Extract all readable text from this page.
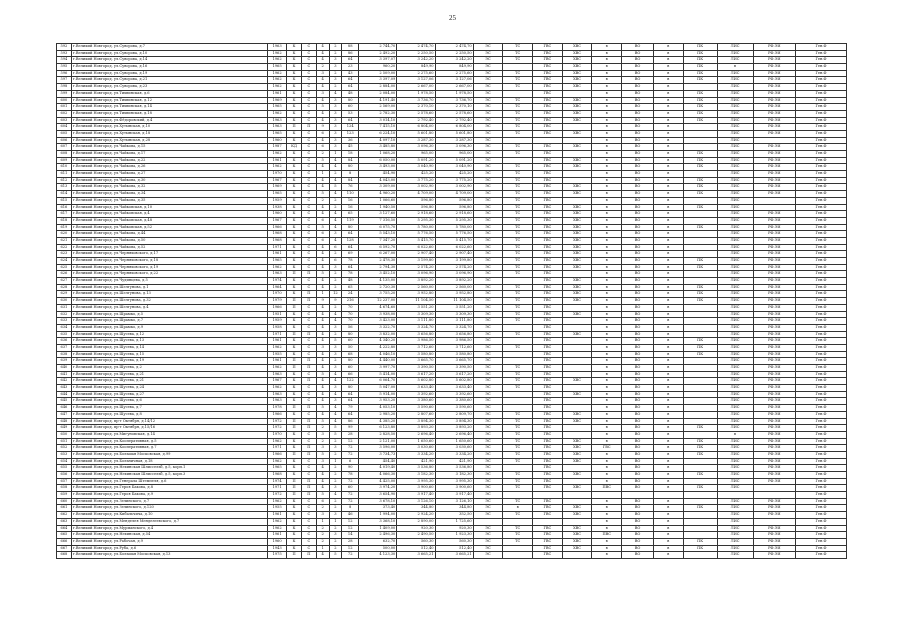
25
592	г.Великий Новгород, ул.Суворова, д.7	1963	К	С	4	2	88	2 744,70	2 474,70	2 474,70	ЭС	ТС	ГВС	ХВС	в	ВО	в	ПК	ЛИС	РФ.ЭЙ	Ген.Ф
593	г.Великий Новгород, ул.Суворова, д.10	1962	К	С	4	2	86	2 492,20	2 250,50	2 250,50	ЭС	ТС	ГВС	ХВС	в	ВО	в	ПК	ЛИС	РФ.ЭЙ	Ген.Ф
594	г.Великий Новгород, ул.Суворова, д.14	1962	К	С	4	3	64	3 397,07	3 242,20	3 242,20	ЭС	ТС	ГВС	ХВС	в	ВО	в	ПК	ЛИС	РФ.ЭЙ	Ген.Ф
595	г.Великий Новгород, ул.Суворова, д.16	1965	К	С	2	3	23	960,20	849,90	849,90	ЭС		ГВС	ХВС	в	ВО	в	ПК	в	РФ.ЭЙ	Ген.Ф
596	г.Великий Новгород, ул.Суворова, д.19	1962	К	С	3	2	43	2 509,00	2 275,60	2 275,60	ЭС	ТС	ГВС	ХВС	в	ВО	в	ПК	ЛИС	РФ.ЭЙ	Ген.Ф
597	г.Великий Новгород, ул.Суворова, д.21	1962	К	С	4	3	64	3 397,09	3 127,06	3 127,06	ЭС	ТС	ГВС	ХВС	в	ВО	в	ПК	ЛИС	РФ.ЭЙ	Ген.Ф
598	г.Великий Новгород, ул.Суворова, д.23	1962	К	С	4	2	64	2 884,00	2 667,00	2 667,00	ЭС	ТС	ГВС	ХВС	в	ВО	в		ЛИС	РФ.ЭЙ	Ген.Ф
599	г.Великий Новгород, ул.Тихвинская, д.6	1961	К	С	3	4	48	2 084,00	1 978,50	1 978,50	ЭС		ГВС		в	ВО	в	ПК	ЛИС	РФ.ЭЙ	Ген.Ф
600	г.Великий Новгород, ул.Тихвинская, д.12	1969	К	С	4	3	80	4 191,40	3 736,70	3 736,70	ЭС	ТС	ГВС	ХВС	в	ВО	в	ПК	ЛИС	РФ.ЭЙ	Ген.Ф
601	г.Великий Новгород, ул.Тихвинская, д.14	1965	К	С	5	3	60	2 569,00	2 370,10	2 370,10	ЭС	ТС	ГВС	ХВС	в	ВО	в	ПК	ЛИС	РФ.ЭЙ	Ген.Ф
602	г.Великий Новгород, ул.Тихвинская, д.18	1962	К	С	4	3	53	2 782,30	2 578,60	2 578,60	ЭС	ТС	ГВС	ХВС	в	ВО	в	ПК	ЛИС	РФ.ЭЙ	Ген.Ф
603	г.Великий Новгород, ул.Фёдоровский, д.4	1963	К	С	4	3	64	3 014,10	2 792,40	2 792,40	ЭС	ТС	ГВС	ХВС	в	ВО	в	ПК	ЛИС	РФ.ЭЙ	Ген.Ф
604	г.Великий Новгород, ул.Хутынская, д.10	1963	П	П	9	3	124	7 415,10	6 804,00	6 804,00	ЭС	ТС	ГВС		в	ВО	в		ЛИС	РФ.ЭЙ	Ген.Ф
605	г.Великий Новгород, ул.Хутынская, д.18	1965	К	С	6	3	123	6 224,10	5 601,80	5 601,80	ЭС	ТС	ГВС	ХВС	в	ВО	в		ЛИС	РФ.ЭЙ	Ген.Ф
606	г.Великий Новгород, ул.Хутынская, д.28	1960	К	С	4	3	36	4 097,10	3 287,30	3 287,30	ЭС				в	ВО	в		ЛИС		Ген.Ф
607	г.Великий Новгород, ул.Чайкова, д.15	1987	КД	С	6	3	45	3 485,80	3 096,30	3 096,30	ЭС	ТС	ГВС	ХВС	в	ВО	в		ЛИС	РФ.ЭЙ	Ген.Ф
608	г.Великий Новгород, ул.Чайкова, д.17	1962	К	С	2	1	18	1 068,20	965,00	965,00	ЭС	ТС	ГВС		в	ВО	в	ПК	ЛИС	РФ.ЭЙ	Ген.Ф
609	г.Великий Новгород, ул.Чайкова, д.22	1961	К	С	5	4	84	6 050,00	5 091,20	5 091,20	ЭС		ГВС	ХВС	в	ВО	в	ПК	ЛИС	РФ.ЭЙ	Ген.Ф
610	г.Великий Новгород, ул.Чайкова, д.26	1962	К	С	4	4	80	3 493,00	3 040,90	3 040,90	ЭС	ТС	ГВС	ХВС	в	ВО	в	ПК	ЛИС	РФ.ЭЙ	Ген.Ф
611	г.Великий Новгород, ул.Чайкова, д.27	1970	К	С	1	2	8	454,90	425,20	425,20	ЭС	ТС	ГВС		в	ВО	в		ЛИС	РФ.ЭЙ	Ген.Ф
612	г.Великий Новгород, ул.Чайкова, д.30	1967	К	С	4	4	84	4 043,00	3 775,20	3 775,20	ЭС	ТС	ГВС		в	ВО	в	ПК	ЛИС	РФ.ЭЙ	Ген.Ф
613	г.Великий Новгород, ул.Чайкова, д.32	1969	К	С	4	5	76	3 309,00	3 002,90	3 002,90	ЭС	ТС	ГВС	ХВС	в	ВО	в	ПК	ЛИС	РФ.ЭЙ	Ген.Ф
614	г.Великий Новгород, ул.Чайкова, д.34	1965	К	С	5	4	110	4 960,20	4 709,00	4 709,00	ЭС	ТС	ГВС	ХВС	в	ВО	в	ПК	ЛИС	РФ.ЭЙ	Ген.Ф
615	г.Великий Новгород, ул.Чайкова, д.35	1959	К	С	2	2	16	1 066,60	596,80	596,80	ЭС	ТС	ГВС		в	ВО	в		ЛИС		Ген.Ф
616	г.Великий Новгород, ул.Чайковская, д.10	1938	К	С	4	2	16	1 940,50	596,80	596,80	ЭС	ТС	ГВС	ХВС	в	ВО	в	ПК	ЛИС		Ген.Ф
617	г.Великий Новгород, ул.Чайковская, д.4	1960	К	С	4	4	65	3 127,60	2 918,60	2 918,60	ЭС	ТС	ГВС	ХВС	в	ВО	в		ЛИС	РФ.ЭЙ	Ген.Ф
618	г.Великий Новгород, ул.Чайковская, д.48	1967	К	С	6	4	119	7 316,50	5 295,30	5 295,30	ЭС	ТС	ГВС	ХВС	в	ВО	в		ЛИС	РФ.ЭЙ	Ген.Ф
619	г.Великий Новгород, ул.Чайковская, д.52	1966	К	С	5	4	80	6 075,70	5 780,00	5 780,00	ЭС	ТС	ГВС	ХВС	в	ВО	в	ПК	ЛИС	РФ.ЭЙ	Ген.Ф
620	г.Великий Новгород, ул.Чайкова, д.44	1968	К	С	6	3	64	5 543,10	5 776,50	5 776,50	ЭС	ТС	ГВС	ХВС	в	ВО	в		ЛИС	РФ.ЭЙ	Ген.Ф
621	г.Великий Новгород, ул.Чайкова, д.50	1968	К	С	6	4	128	7 347,20	5 415,70	5 415,70	ЭС	ТС	ГВС	ХВС	в	ВО	в		ЛИС	РФ.ЭЙ	Ген.Ф
622	г.Великий Новгород, ул.Чайкова, д.52	1971	К	С	4	6	64	6 592,70	6 022,60	6 022,60	ЭС	ТС	ГВС	ХВС	в	ВО	в		ЛИС	РФ.ЭЙ	Ген.Ф
623	г.Великий Новгород, ул.Черняховского, д.17	1961	К	С	4	2	69	6 267,00	2 907,40	2 907,40	ЭС	ТС	ГВС	ХВС	в	ВО	в		ЛИС	РФ.ЭЙ	Ген.Ф
624	г.Великий Новгород, ул.Черняховского, д.18	1965	К	С	4	6	78	2 478,30	3 199,80	3 199,80	ЭС	ТС	ГВС	ХВС	в	ВО	в	ПК	ЛИС	РФ.ЭЙ	Ген.Ф
625	г.Великий Новгород, ул.Черняховского, д.19	1962	К	С	4	3	64	2 794,30	2 574,20	2 574,20	ЭС	ТС	ГВС	ХВС	в	ВО	в	ПК	ЛИС	РФ.ЭЙ	Ген.Ф
626	г.Великий Новгород, ул.Черняховского, д.22	1963	П	П	5	2	78	3 452,10	3 096,90	3 096,90	ЭС	ТС	ГВС		в	ВО	в		ЛИС	РФ.ЭЙ	Ген.Ф
627	г.Великий Новгород, ул.Чудинцева, д.5	1974	К	С	4	2	48	4 135,00	3 892,20	3 892,20	ЭС		ГВС	ХВС	в	ВО	в		ЛИС	РФ.ЭЙ	Ген.Ф
628	г.Великий Новгород, ул.Шелгунова, д.1	1964	К	С	4	2	65	2 720,30	2 560,00	2 560,00	ЭС	ТС	ГВС	ХВС	в	ВО	в	ПК	ЛИС	РФ.ЭЙ	Ген.Ф
629	г.Великий Новгород, ул.Шелгунова, д.13	1970	К	П	1	12	24	3 755,20	3 952,80	3 952,80	ЭС	ТС	ГВС	ХВС	в	ВО	в	ПК	ЛИС	РФ.ЭЙ	Ген.Ф
630	г.Великий Новгород, ул.Шелгунова, д.32	1979	П	П	9	9	216	12 237,00	11 104,50	11 104,50	ЭС	ТС	ГВС	ХВС	в	ВО	в	ПК	ЛИС	РФ.ЭЙ	Ген.Ф
631	г.Великий Новгород, ул.Шелгунова, д.4	1966	П	С	4	2	70	4 674,60	3 551,20	3 551,20	ЭС	ТС	ГВС		в	ВО	в		ЛИС	РФ.ЭЙ	Ген.Ф
632	г.Великий Новгород, ул.Шрамко, д.5	1951	К	С	4	4	70	3 938,00	3 309,30	3 309,30	ЭС	ТС	ГВС	ХВС	в	ВО	в		ЛИС	РФ.ЭЙ	Ген.Ф
633	г.Великий Новгород, ул.Шрамко, д.7	1959	К	С	4	4	70	3 423,00	3 111,80	3 111,80	ЭС	ТС	ГВС		в	ВО	в		ЛИС	РФ.ЭЙ	Ген.Ф
634	г.Великий Новгород, ул.Шрамко, д.9	1958	К	С	4	3	56	3 322,70	3 324,70	3 324,70	ЭС		ГВС		в	ВО	в		ЛИС	РФ.ЭЙ	Ген.Ф
635	г.Великий Новгород, ул.Щусева, д.12	1971	П	П	4	2	80	3 832,00	3 656,80	3 656,80	ЭС	ТС	ГВС	ХВС	в	ВО	в		ЛИС	РФ.ЭЙ	Ген.Ф
636	г.Великий Новгород, ул.Щусева, д.13	1961	К	С	4	5	60	4 340,20	3 986,50	3 986,50	ЭС		ГВС		в	ВО	в	ПК	ЛИС	РФ.ЭЙ	Ген.Ф
637	г.Великий Новгород, ул.Щусева, д.14	1962	К	С	3	3	50	4 222,80	3 712,60	3 712,60	ЭС	ТС	ГВС		в	ВО	в	ПК	ЛИС	РФ.ЭЙ	Ген.Ф
638	г.Великий Новгород, ул.Щусева, д.15	1955	К	С	4	3	68	4 046,10	3 580,80	3 580,80	ЭС		ГВС		в	ВО	в	ПК	ЛИС	РФ.ЭЙ	Ген.Ф
639	г.Великий Новгород, ул.Щусева, д.19	1961	П	П	4	2	80	4 440,00	3 665,70	3 665,70	ЭС		ГВС		в	ВО	в		ЛИС	РФ.ЭЙ	Ген.Ф
640	г.Великий Новгород, ул.Щусева, д.2	1962	П	П	4	3	60	3 997,70	3 390,50	3 390,50	ЭС	ТС	ГВС		в	ВО	в		ЛИС	РФ.ЭЙ	Ген.Ф
641	г.Великий Новгород, ул.Щусева, д.21	1963	К	С	5	4	66	5 414,00	3 617,20	3 617,20	ЭС	ТС	ГВС		в	ВО	в		ЛИС	РФ.ЭЙ	Ген.Ф
642	г.Великий Новгород, ул.Щусева, д.21	1967	К	П	4	4	122	6 064,70	5 602,80	5 602,80	ЭС	ТС	ГВС	ХВС	в	ВО	в		ЛИС	РФ.ЭЙ	Ген.Ф
643	г.Великий Новгород, ул.Щусева, д.24	1962	К	С	4	3	80	5 047,00	3 633,40	3 633,40	ЭС	ТС	ГВС		в	ВО	в		ЛИС	РФ.ЭЙ	Ген.Ф
644	г.Великий Новгород, ул.Щусева, д.27	1963	К	С	4	4	64	5 914,00	3 392,60	3 392,60	ЭС		ГВС	ХВС	в	ВО	в		ЛИС	РФ.ЭЙ	Ген.Ф
645	г.Великий Новгород, ул.Щусева, д.6	1963	К	С	4	3	64	3 953,20	3 380,60	3 380,60	ЭС		ГВС		в	ВО	в		ЛИС	РФ.ЭЙ	Ген.Ф
646	г.Великий Новгород, ул.Щусева, д.7	1978	П	П	5	4	79	4 053,10	3 590,60	3 590,60	ЭС		ГВС		в	ВО	в		ЛИС	РФ.ЭЙ	Ген.Ф
647	г.Великий Новгород, ул.Щусева, д.8	1966	К	С	4	4	64	2 985,20	2 807,60	2 809,70	ЭС	ТС	ГВС	ХВС	в	ВО	в		ЛИС	РФ.ЭЙ	Ген.Ф
648	г.Великий Новгород, пр-т Октября, д.14/12	1972	П	П	5	4	86	4 385,20	3 894,30	3 894,30	ЭС	ТС	ГВС	ХВС	в	ВО	в		ЛИС	РФ.ЭЙ	Ген.Ф
649	г.Великий Новгород, пр-т Октября, д.15/16	1972	П	П	2	5	99	6 123,80	3 893,20	3 893,20	ЭС	ТС	ГВС		в	ВО	в	ПК	ЛИС	РФ.ЭЙ	Ген.Ф
650	г.Великий Новгород, ул.Мигуновская, д.14	1970	К	С	3	5	28	2 828,50	2 696,40	2 696,40	ЭС	ТС	ГВС		в	ВО	в		в	РФ.ЭЙ	Ген.Ф
651	г.Великий Новгород, ул.Кооперативная, д.5	1962	К	С	2	2	12	2 121,00	1 650,60	1 650,60	ЭС	ТС	ГВС	ХВС	в	ВО	в	ПК	ЛИС	РФ.ЭЙ	Ген.Ф
652	г.Великий Новгород, ул.Кооперативная, д.7	1971	К	П	3	3	72	3 596,00	3 030,60	3 030,60	ЭС	ТС	ГВС	ХВС	ГВС	ВО	в	ПК	ЛИС	РФ.ЭЙ	Ген.Ф
653	г.Великий Новгород, ул.Большая Московская, д.99	1966	П	П	5	2	72	3 734,73	3 334,20	3 334,20	ЭС	ТС	ГВС	ХВС	в	ВО	в	ПК	ЛИС	РФ.ЭЙ	Ген.Ф
654	г.Великий Новгород, ул.Больничная, д.18	1962	К	С	3	1	6	454,40	421,90	421,90	ЭС	ТС	ГВС	ХВС	в	ВО	в		ЛИС	РФ.ЭЙ	Ген.Ф
655	г.Великий Новгород, ул.Нехинская Шлиссельб, д.5, корп.1	1965	К	С	4	2	90	4 019,40	3 536,80	3 536,80	ЭС		ГВС		в	ВО	в		ЛИС	РФ.ЭЙ	Ген.Ф
656	г.Великий Новгород, ул.Нехинская Шлиссельб, д.5, корп.3	1968	К	С	4	2	78	4 066,30	3 182,30	3 182,30	ЭС	ТС	ГВС	ХВС	в	ВО	в	ПК	ЛИС	РФ.ЭЙ	Ген.Ф
657	г.Великий Новгород, ул.Генерала Штемпеля, д.6	1974	П	П	4	2	72	4 425,00	3 995,30	3 995,30	ЭС	ТС	ГВС		в	ВО	в		ЛИС	РФ.ЭЙ	Ген.Ф
658	г.Великий Новгород, ул.Героя Бакова, д.8	1971	П	П	4	3	60	3 974,20	3 900,60	3 900,60	ЭС	ТС	ГВС	ХВС	ПВС	ВО	в	ПК	ЛИС		Ген.Ф
659	г.Великий Новгород, ул.Героя Бакова, д.9	1972	П	П	5	4	72	3 654,90	3 917,40	3 917,40	ЭС										Ген.Ф
660	г.Великий Новгород, ул.Зелинского, д.7	1962	К	С	6	2	72	3 678,10	3 126,10	3 126,10	ЭС	ТС	ГВС		в	ВО	в		ЛИС	РФ.ЭЙ	Ген.Ф
661	г.Великий Новгород, ул.Зелинского, д.120	1955	К	С	2	2	8	373,40	344,80	344,80	ЭС	в	ГВС	ХВС	в	ВО	в	ПК	ЛИС	РФ.ЭЙ	Ген.Ф
662	г.Великий Новгород, ул.Кибальчича, д.10	1961	К	С	3	3	46	1 994,00	2 924,20	352,50	ЭС	ТС	ГВС	ХВС	в	ВО	в		ЛИС	РФ.ЭЙ	Ген.Ф
663	г.Великий Новгород, ул.Менделея Менделеевского, д.7	1962	К	С	1	1	12	3 368,10	2 890,00	1 725,60					в	ВО	в		ЛИС		Ген.Ф
664	г.Великий Новгород, ул.Мурманского, д.4	1962	К	С	2	2	12	1 409,00	920,30	920,30	ЭС	ТС	ГВС	ХВС	в	ВО	в		ЛИС	РФ.ЭЙ	Ген.Ф
665	г.Великий Новгород, ул.Нехинская, д.54	1961	К	С	2	3	14	2 496,30	2 490,50	1 923,30	ЭС	ТС	ГВС	ХВС	ПВС	ВО	в		ЛИС	РФ.ЭЙ	Ген.Ф
666	г.Великий Новгород, ул.Рабочая, д.9	1960	К	С	2	2	28	632,70	560,30	560,30	ЭС	ТС	ГВС	ХВС	в	ВО	в	ПК	ЛИС	РФ.ЭЙ	Ген.Ф
667	г.Великий Новгород, ул.Руба, д.6	1943	К	С	1	2	12	500,00	512,40	512,40	ЭС		ГВС	ХВС	в	ВО	в	ПК	ЛИС	РФ.ЭЙ	Ген.Ф
668	г.Великий Новгород, ул.Большая Московская, д.13	1975	П	П	4	5	72	4 123,30	3 665,21	3 665,21	ЭС		ГВС		в	ВО	в		ЛИС	РФ.ЭЙ	Ген.Ф
